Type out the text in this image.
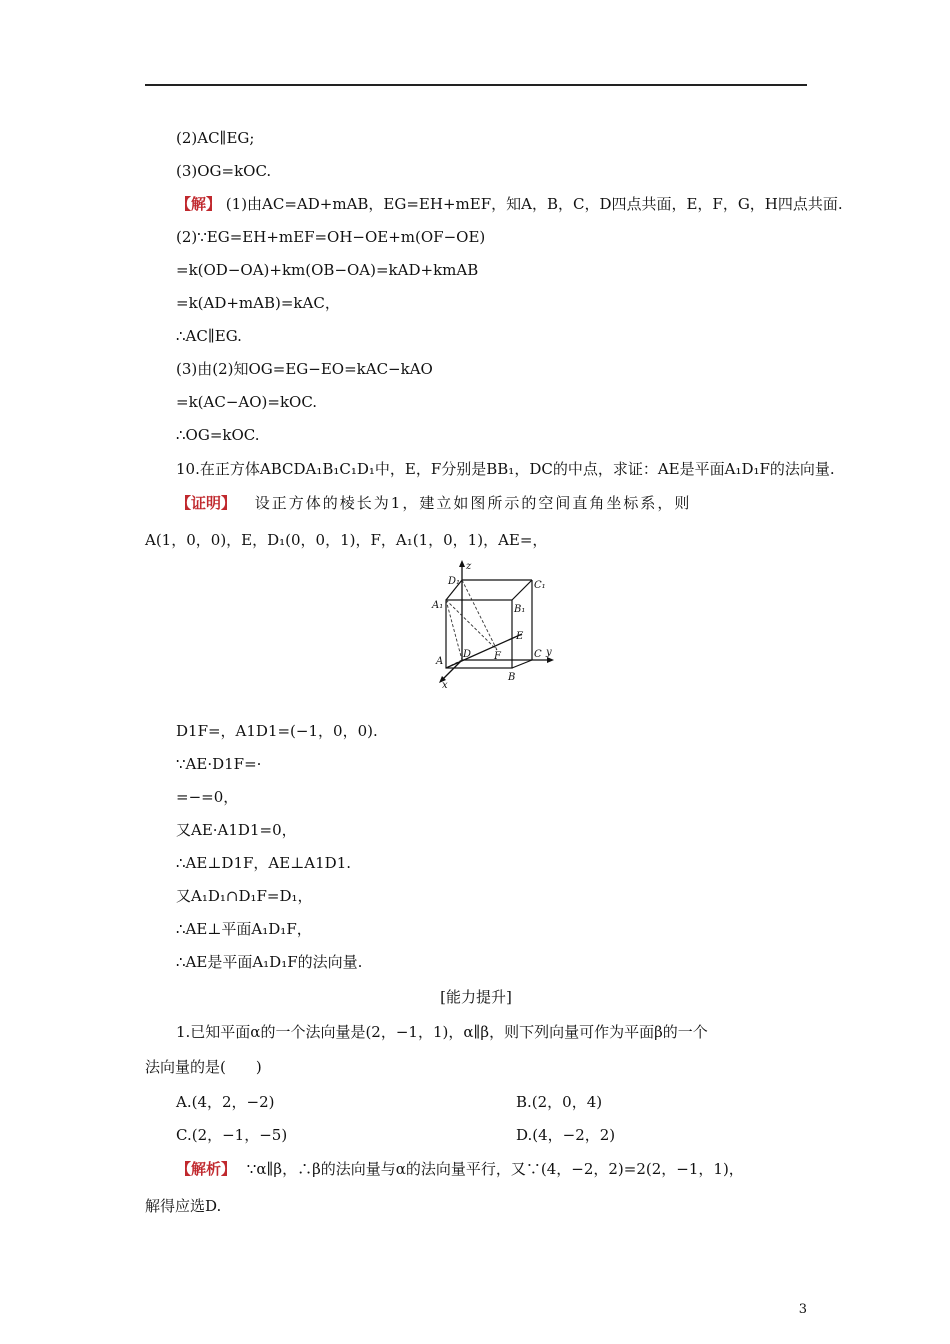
(2)AC∥EG;
(3)OG=kOC.
【解】 (1)由AC=AD+mAB，EG=EH+mEF，知A，B，C，D四点共面，E，F，G，H四点共面.
(2)∵EG=EH+mEF=OH−OE+m(OF−OE)
=k(OD−OA)+km(OB−OA)=kAD+kmAB
=k(AD+mAB)=kAC，
∴AC∥EG.
(3)由(2)知OG=EG−EO=kAC−kAO
=k(AC−AO)=kOC.
∴OG=kOC.
10.在正方体ABCDA₁B₁C₁D₁中，E，F分别是BB₁，DC的中点，求证：AE是平面A₁D₁F的法向量.
【证明】 设正方体的棱长为1，建立如图所示的空间直角坐标系，则
A(1，0，0)，E，D₁(0，0，1)，F，A₁(1，0，1)，AE=，
z
y
x
D₁	C₁
A₁	B₁
E
D F	C
A
B
D1F=，A1D1=(−1，0，0).
∵AE·D1F=·
=−=0，
又AE·A1D1=0，
∴AE⊥D1F，AE⊥A1D1.
又A₁D₁∩D₁F=D₁，
∴AE⊥平面A₁D₁F，
∴AE是平面A₁D₁F的法向量.
[能力提升]
1.已知平面α的一个法向量是(2，−1，1)，α∥β，则下列向量可作为平面β的一个
法向量的是(　　)
A.(4，2，−2)	B.(2，0，4)
C.(2，−1，−5)	D.(4，−2，2)
【解析】 ∵α∥β，∴β的法向量与α的法向量平行，又∵(4，−2，2)=2(2，−1，1)，
解得应选D.
3
